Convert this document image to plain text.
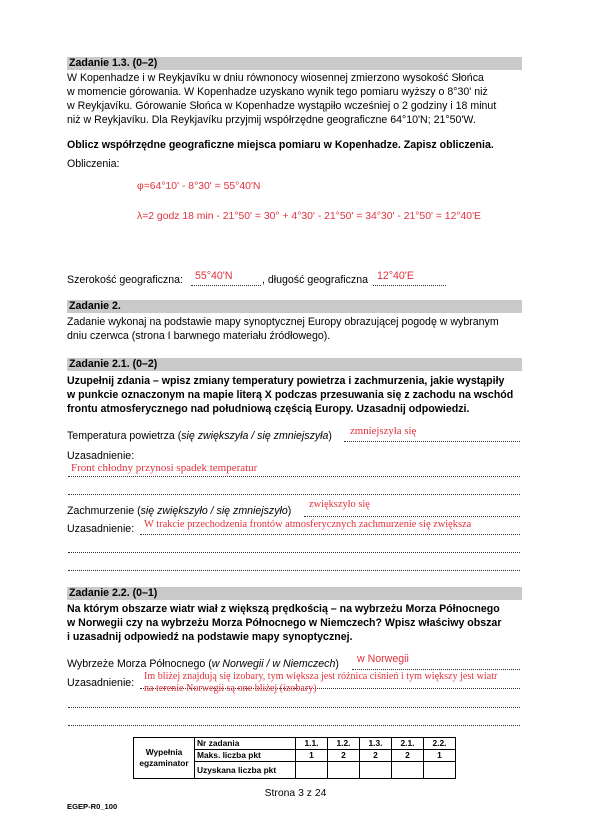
Zadanie 1.3. (0–2)
W Kopenhadze i w Reykjavíku w dniu równonocy wiosennej zmierzono wysokość Słońca
w momencie górowania. W Kopenhadze uzyskano wynik tego pomiaru wyższy o 8°30' niż
w Reykjavíku. Górowanie Słońca w Kopenhadze wystąpiło wcześniej o 2 godziny i 18 minut
niż w Reykjavíku. Dla Reykjavíku przyjmij współrzędne geograficzne 64°10'N; 21°50'W.
Oblicz współrzędne geograficzne miejsca pomiaru w Kopenhadze. Zapisz obliczenia.
Obliczenia:
φ=64°10' - 8°30' = 55°40'N
λ=2 godz 18 min - 21°50' = 30° + 4°30' - 21°50' = 34°30' - 21°50' = 12°40'E
Szerokość geograficzna: 55°40'N	, długość geograficzna 12°40'E
Zadanie 2.
Zadanie wykonaj na podstawie mapy synoptycznej Europy obrazującej pogodę w wybranym
dniu czerwca (strona I barwnego materiału źródłowego).
Zadanie 2.1. (0–2)
Uzupełnij zdania – wpisz zmiany temperatury powietrza i zachmurzenia, jakie wystąpiły
w punkcie oznaczonym na mapie literą X podczas przesuwania się z zachodu na wschód
frontu atmosferycznego nad południową częścią Europy. Uzasadnij odpowiedzi.
Temperatura powietrza (się zwiększyła / się zmniejszyła) zmniejszyła się
Uzasadnienie:
Front chłodny przynosi spadek temperatur
Zachmurzenie (się zwiększyło / się zmniejszyło)
zwiększyło się
Uzasadnienie: W trakcie przechodzenia frontów atmosferycznych zachmurzenie się zwiększa
Zadanie 2.2. (0–1)
Na którym obszarze wiatr wiał z większą prędkością – na wybrzeżu Morza Północnego
w Norwegii czy na wybrzeżu Morza Północnego w Niemczech? Wpisz właściwy obszar
i uzasadnij odpowiedź na podstawie mapy synoptycznej.
Wybrzeże Morza Północnego (w Norwegii / w Niemczech) w Norwegii
Uzasadnienie:
Im bliżej znajdują się izobary, tym większa jest różnica ciśnień i tym większy jest wiatr
na terenie Norwegii są one bliżej (izobary)
Wypełnia
egzaminator	Nr zadania	1.1.	1.2.	1.3.	2.1.	2.2.
	Maks. liczba pkt	1	2	2	2	1
	Uzyskana liczba pkt					
Strona 3 z 24
EGEP-R0_100
